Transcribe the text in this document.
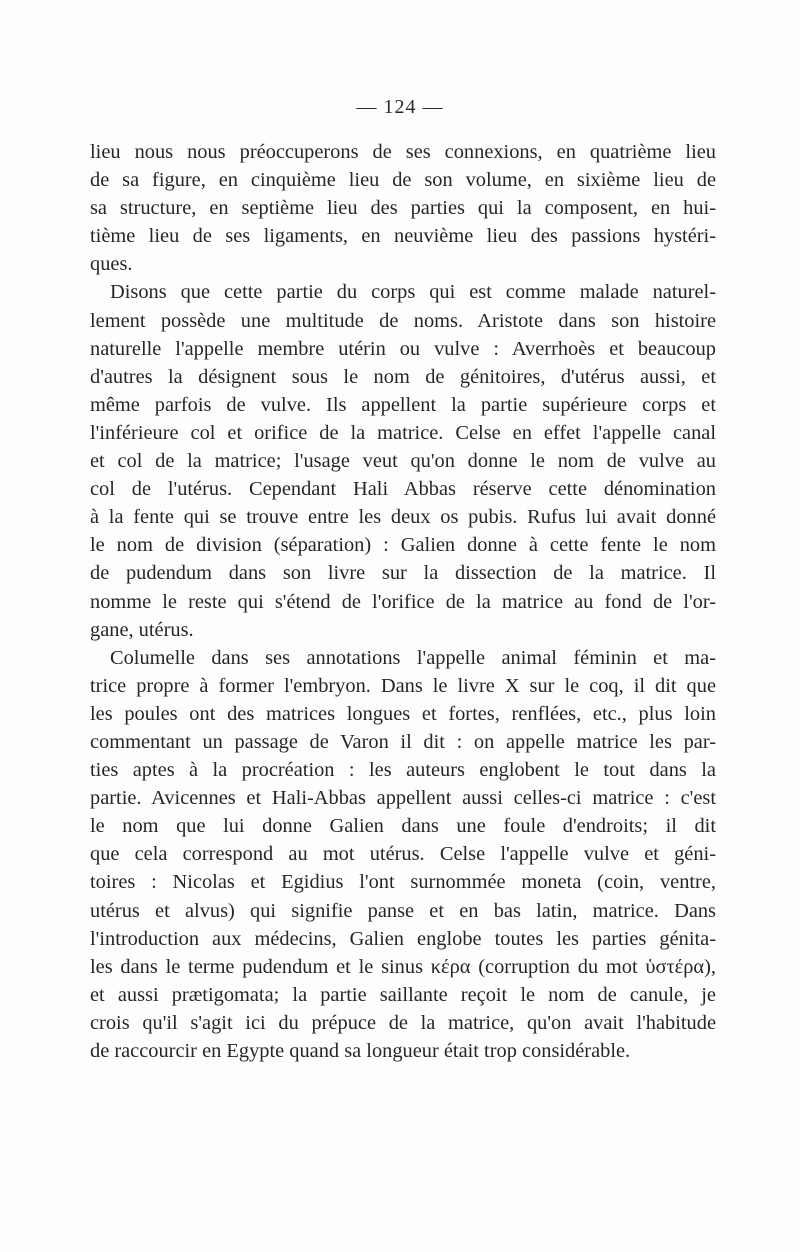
— 124 —
lieu nous nous préoccuperons de ses connexions, en quatrième lieu
de sa figure, en cinquième lieu de son volume, en sixième lieu de
sa structure, en septième lieu des parties qui la composent, en hui-
tième lieu de ses ligaments, en neuvième lieu des passions hystéri-
ques.
Disons que cette partie du corps qui est comme malade naturel-
lement possède une multitude de noms. Aristote dans son histoire
naturelle l'appelle membre utérin ou vulve : Averrhoès et beaucoup
d'autres la désignent sous le nom de génitoires, d'utérus aussi, et
même parfois de vulve. Ils appellent la partie supérieure corps et
l'inférieure col et orifice de la matrice. Celse en effet l'appelle canal
et col de la matrice; l'usage veut qu'on donne le nom de vulve au
col de l'utérus. Cependant Hali Abbas réserve cette dénomination
à la fente qui se trouve entre les deux os pubis. Rufus lui avait donné
le nom de division (séparation) : Galien donne à cette fente le nom
de pudendum dans son livre sur la dissection de la matrice. Il
nomme le reste qui s'étend de l'orifice de la matrice au fond de l'or-
gane, utérus.
Columelle dans ses annotations l'appelle animal féminin et ma-
trice propre à former l'embryon. Dans le livre X sur le coq, il dit que
les poules ont des matrices longues et fortes, renflées, etc., plus loin
commentant un passage de Varon il dit : on appelle matrice les par-
ties aptes à la procréation : les auteurs englobent le tout dans la
partie. Avicennes et Hali-Abbas appellent aussi celles-ci matrice : c'est
le nom que lui donne Galien dans une foule d'endroits; il dit
que cela correspond au mot utérus. Celse l'appelle vulve et géni-
toires : Nicolas et Egidius l'ont surnommée moneta (coin, ventre,
utérus et alvus) qui signifie panse et en bas latin, matrice. Dans
l'introduction aux médecins, Galien englobe toutes les parties génita-
les dans le terme pudendum et le sinus κέρα (corruption du mot ὑστέρα),
et aussi prætigomata; la partie saillante reçoit le nom de canule, je
crois qu'il s'agit ici du prépuce de la matrice, qu'on avait l'habitude
de raccourcir en Egypte quand sa longueur était trop considérable.
